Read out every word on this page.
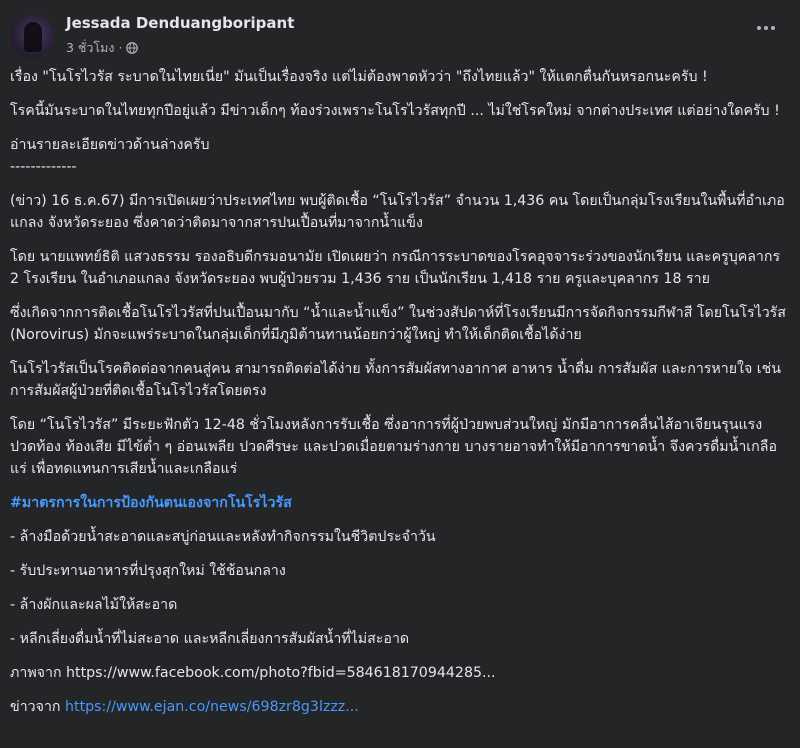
Jessada Denduangboripant
3 ชั่วโมง ·

เรื่อง "โนโรไวรัส ระบาดในไทยเนี่ย" มันเป็นเรื่องจริง แต่ไม่ต้องพาดหัวว่า "ถึงไทยแล้ว" ให้แตกตื่นกันหรอกนะครับ !

โรคนี้มันระบาดในไทยทุกปีอยู่แล้ว มีข่าวเด็กๆ ท้องร่วงเพราะโนโรไวรัสทุกปี ... ไม่ใช่โรคใหม่ จากต่างประเทศ แต่อย่างใดครับ !

อ่านรายละเอียดข่าวด้านล่างครับ

-------------

(ข่าว) 16 ธ.ค.67) มีการเปิดเผยว่าประเทศไทย พบผู้ติดเชื้อ “โนโรไวรัส” จำนวน 1,436 คน โดยเป็นกลุ่มโรงเรียนในพื้นที่อำเภอแกลง จังหวัดระยอง ซึ่งคาดว่าติดมาจากสารปนเปื้อนที่มาจากน้ำแข็ง

โดย นายแพทย์ธิติ แสวงธรรม รองอธิบดีกรมอนามัย เปิดเผยว่า กรณีการระบาดของโรคอุจจาระร่วงของนักเรียน และครูบุคลากร 2 โรงเรียน ในอำเภอแกลง จังหวัดระยอง พบผู้ป่วยรวม 1,436 ราย เป็นนักเรียน 1,418 ราย ครูและบุคลากร 18 ราย

ซึ่งเกิดจากการติดเชื้อโนโรไวรัสที่ปนเปื้อนมากับ “น้ำและน้ำแข็ง” ในช่วงสัปดาห์ที่โรงเรียนมีการจัดกิจกรรมกีฬาสี โดยโนโรไวรัส (Norovirus) มักจะแพร่ระบาดในกลุ่มเด็กที่มีภูมิต้านทานน้อยกว่าผู้ใหญ่ ทำให้เด็กติดเชื้อได้ง่าย

โนโรไวรัสเป็นโรคติดต่อจากคนสู่คน สามารถติดต่อได้ง่าย ทั้งการสัมผัสทางอากาศ อาหาร น้ำดื่ม การสัมผัส และการหายใจ เช่น การสัมผัสผู้ป่วยที่ติดเชื้อโนโรไวรัสโดยตรง

โดย “โนโรไวรัส” มีระยะฟักตัว 12-48 ชั่วโมงหลังการรับเชื้อ ซึ่งอาการที่ผู้ป่วยพบส่วนใหญ่ มักมีอาการคลื่นไส้อาเจียนรุนแรง ปวดท้อง ท้องเสีย มีไข้ต่ำ ๆ อ่อนเพลีย ปวดศีรษะ และปวดเมื่อยตามร่างกาย บางรายอาจทำให้มีอาการขาดน้ำ จึงควรดื่มน้ำเกลือแร่ เพื่อทดแทนการเสียน้ำและเกลือแร่

#มาตรการในการป้องกันตนเองจากโนโรไวรัส

- ล้างมือด้วยน้ำสะอาดและสบู่ก่อนและหลังทำกิจกรรมในชีวิตประจำวัน

- รับประทานอาหารที่ปรุงสุกใหม่ ใช้ช้อนกลาง

- ล้างผักและผลไม้ให้สะอาด

- หลีกเลี่ยงดื่มน้ำที่ไม่สะอาด และหลีกเลี่ยงการสัมผัสน้ำที่ไม่สะอาด

ภาพจาก https://www.facebook.com/photo?fbid=584618170944285...

ข่าวจาก https://www.ejan.co/news/698zr8g3lzzz...
